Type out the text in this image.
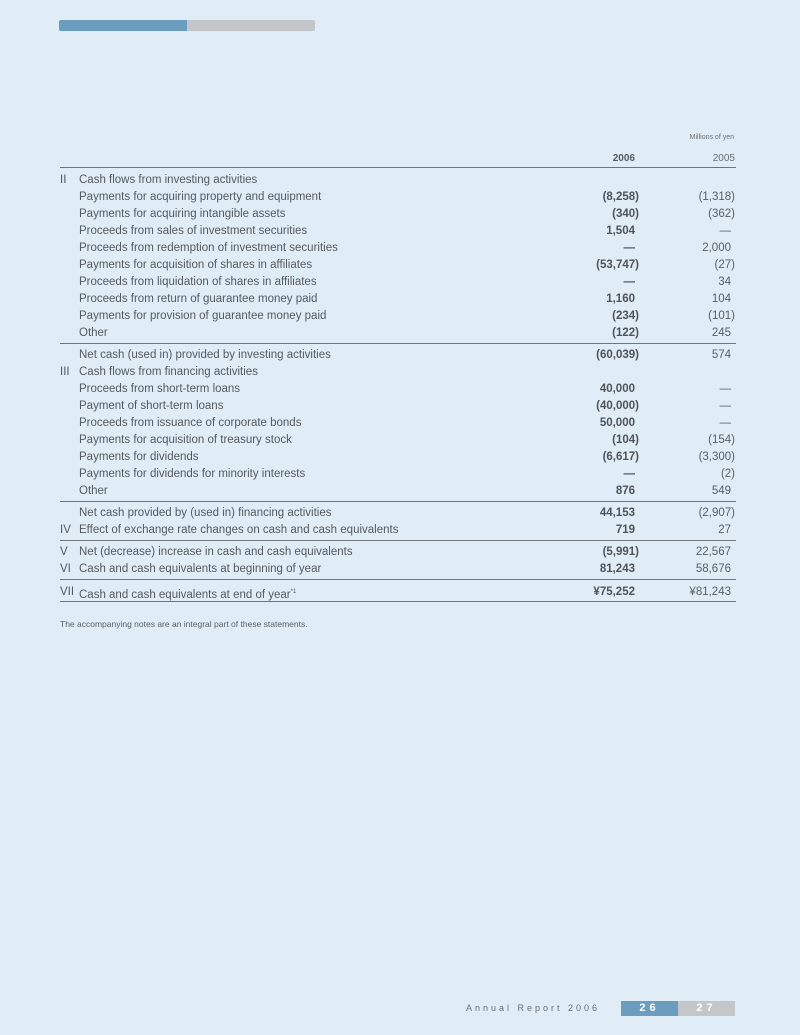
Millions of yen
2006	2005
II	Cash flows from investing activities
Payments for acquiring property and equipment	(8,258)	(1,318)
Payments for acquiring intangible assets	(340)	(362)
Proceeds from sales of investment securities	1,504	—
Proceeds from redemption of investment securities	—	2,000
Payments for acquisition of shares in affiliates	(53,747)	(27)
Proceeds from liquidation of shares in affiliates	—	34
Proceeds from return of guarantee money paid	1,160	104
Payments for provision of guarantee money paid	(234)	(101)
Other	(122)	245
Net cash (used in) provided by investing activities	(60,039)	574
III Cash flows from financing activities
Proceeds from short-term loans	40,000	—
Payment of short-term loans	(40,000)	—
Proceeds from issuance of corporate bonds	50,000	—
Payments for acquisition of treasury stock	(104)	(154)
Payments for dividends	(6,617)	(3,300)
Payments for dividends for minority interests	—	(2)
Other	876	549
Net cash provided by (used in) financing activities	44,153	(2,907)
IV Effect of exchange rate changes on cash and cash equivalents	719	27
V Net (decrease) increase in cash and cash equivalents	(5,991)	22,567
VI Cash and cash equivalents at beginning of year	81,243	58,676
VII Cash and cash equivalents at end of year$^{*1}$	¥75,252	¥81,243
The accompanying notes are an integral part of these statements.
Annual Report 2006	26	27
